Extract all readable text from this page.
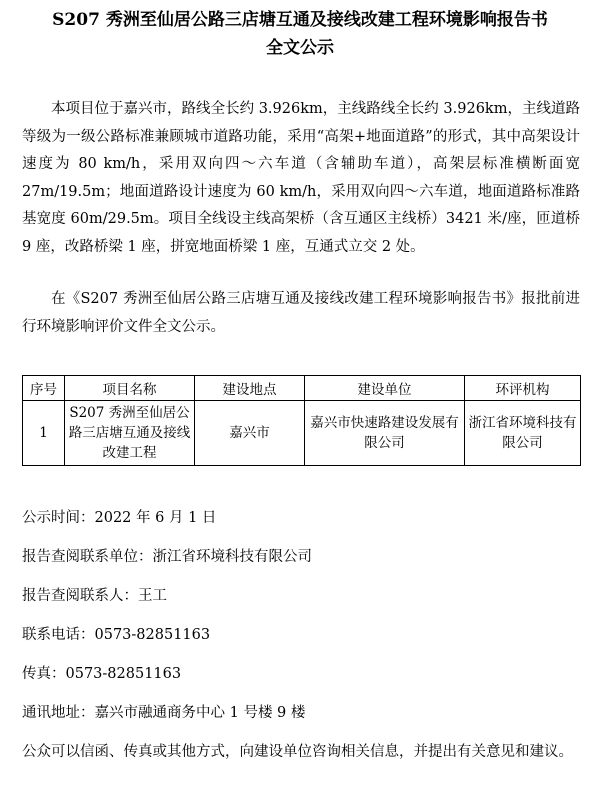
S207 秀洲至仙居公路三店塘互通及接线改建工程环境影响报告书
全文公示

本项目位于嘉兴市，路线全长约 3.926km，主线路线全长约 3.926km，主线道路等级为一级公路标准兼顾城市道路功能，采用“高架+地面道路”的形式，其中高架设计速度为 80 km/h，采用双向四～六车道（含辅助车道），高架层标准横断面宽 27m/19.5m；地面道路设计速度为 60 km/h，采用双向四～六车道，地面道路标准路基宽度 60m/29.5m。项目全线设主线高架桥（含互通区主线桥）3421 米/座，匝道桥 9 座，改路桥梁 1 座，拼宽地面桥梁 1 座，互通式立交 2 处。

在《S207 秀洲至仙居公路三店塘互通及接线改建工程环境影响报告书》报批前进行环境影响评价文件全文公示。

序号	项目名称	建设地点	建设单位	环评机构
1	S207 秀洲至仙居公路三店塘互通及接线改建工程	嘉兴市	嘉兴市快速路建设发展有限公司	浙江省环境科技有限公司
公示时间：2022 年 6 月 1 日
报告查阅联系单位：浙江省环境科技有限公司
报告查阅联系人：王工
联系电话：0573-82851163
传真：0573-82851163
通讯地址：嘉兴市融通商务中心 1 号楼 9 楼
公众可以信函、传真或其他方式，向建设单位咨询相关信息，并提出有关意见和建议。
